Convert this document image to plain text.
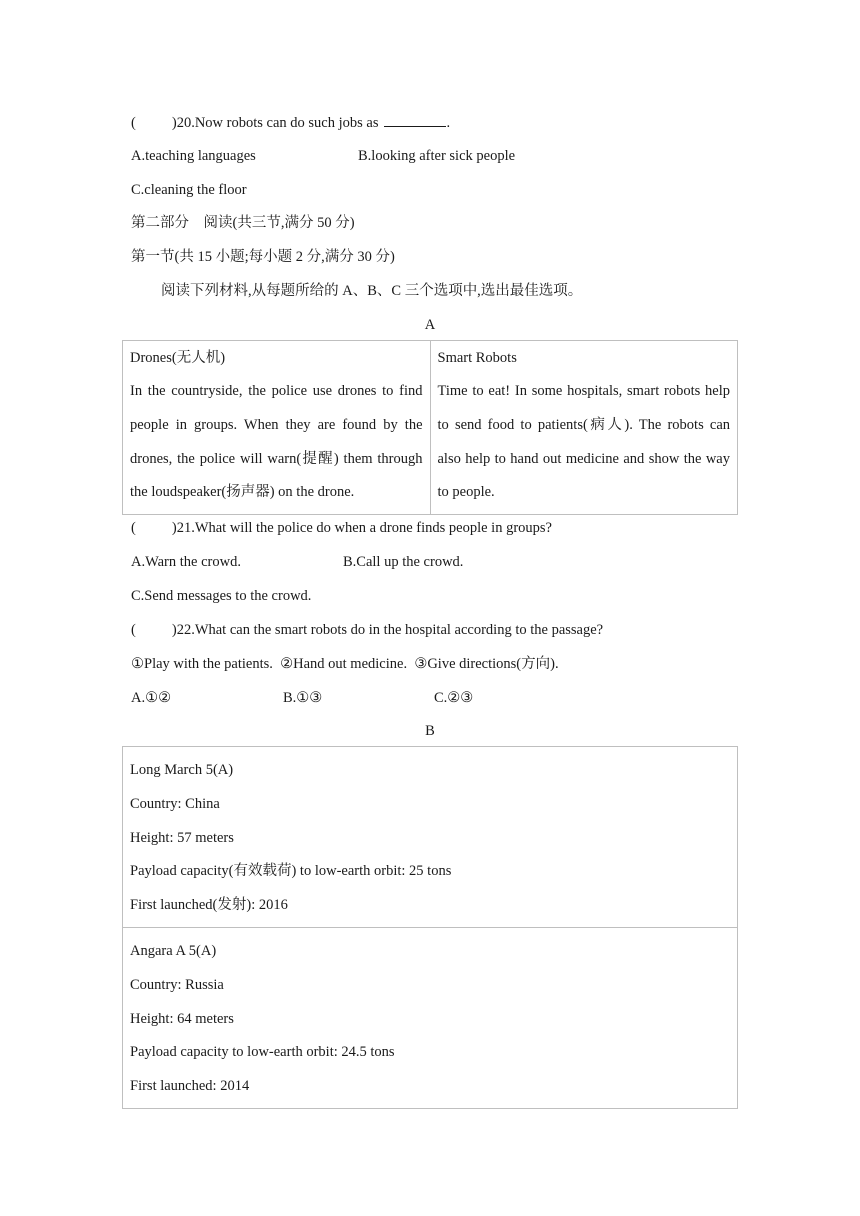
( )20.Now robots can do such jobs as	.
A.teaching languages	B.looking after sick people
C.cleaning the floor
第二部分　阅读(共三节,满分 50 分)
第一节(共 15 小题;每小题 2 分,满分 30 分)
阅读下列材料,从每题所给的 A、B、C 三个选项中,选出最佳选项。
A
Drones(无人机)
In the countryside, the police use drones to find people in groups. When they are found by the drones, the police will warn(提醒) them through the loudspeaker(扬声器) on the drone.	
Smart Robots
Time to eat! In some hospitals, smart robots help to send food to patients(病人). The robots can also help to hand out medicine and show the way to people.
( )21.What will the police do when a drone finds people in groups?
A.Warn the crowd.	B.Call up the crowd.
C.Send messages to the crowd.
( )22.What can the smart robots do in the hospital according to the passage?
①Play with the patients.  ②Hand out medicine.  ③Give directions(方向).
A.①②	B.①③	C.②③
B
Long March 5(A)
Country: China
Height: 57 meters
Payload capacity(有效载荷) to low-earth orbit: 25 tons
First launched(发射): 2016

Angara A 5(A)
Country: Russia
Height: 64 meters
Payload capacity to low-earth orbit: 24.5 tons
First launched: 2014
